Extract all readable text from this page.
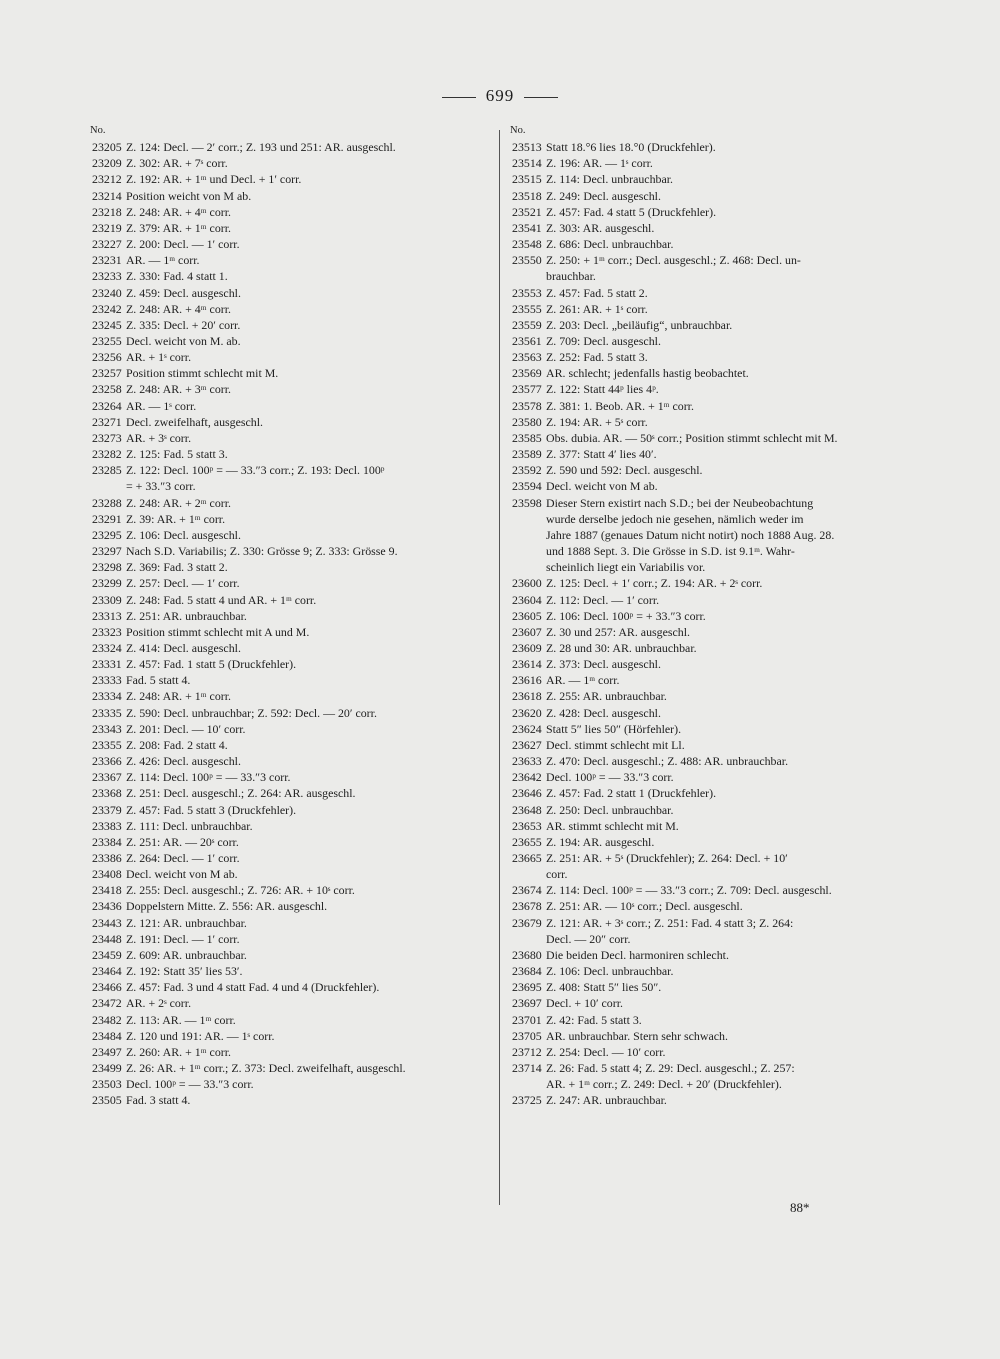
699
No.
23205 Z. 124: Decl. — 2′ corr.; Z. 193 und 251: AR. ausgeschl.
23209 Z. 302: AR. + 7ˢ corr.
23212 Z. 192: AR. + 1ᵐ und Decl. + 1′ corr.
23214 Position weicht von M ab.
23218 Z. 248: AR. + 4ᵐ corr.
23219 Z. 379: AR. + 1ᵐ corr.
23227 Z. 200: Decl. — 1′ corr.
23231 AR. — 1ᵐ corr.
23233 Z. 330: Fad. 4 statt 1.
23240 Z. 459: Decl. ausgeschl.
23242 Z. 248: AR. + 4ᵐ corr.
23245 Z. 335: Decl. + 20′ corr.
23255 Decl. weicht von M. ab.
23256 AR. + 1ˢ corr.
23257 Position stimmt schlecht mit M.
23258 Z. 248: AR. + 3ᵐ corr.
23264 AR. — 1ˢ corr.
23271 Decl. zweifelhaft, ausgeschl.
23273 AR. + 3ˢ corr.
23282 Z. 125: Fad. 5 statt 3.
23285 Z. 122: Decl. 100ᵖ = — 33.″3 corr.; Z. 193: Decl. 100ᵖ
= + 33.″3 corr.
23288 Z. 248: AR. + 2ᵐ corr.
23291 Z. 39: AR. + 1ᵐ corr.
23295 Z. 106: Decl. ausgeschl.
23297 Nach S.D. Variabilis; Z. 330: Grösse 9; Z. 333: Grösse 9.
23298 Z. 369: Fad. 3 statt 2.
23299 Z. 257: Decl. — 1′ corr.
23309 Z. 248: Fad. 5 statt 4 und AR. + 1ᵐ corr.
23313 Z. 251: AR. unbrauchbar.
23323 Position stimmt schlecht mit A und M.
23324 Z. 414: Decl. ausgeschl.
23331 Z. 457: Fad. 1 statt 5 (Druckfehler).
23333 Fad. 5 statt 4.
23334 Z. 248: AR. + 1ᵐ corr.
23335 Z. 590: Decl. unbrauchbar; Z. 592: Decl. — 20′ corr.
23343 Z. 201: Decl. — 10′ corr.
23355 Z. 208: Fad. 2 statt 4.
23366 Z. 426: Decl. ausgeschl.
23367 Z. 114: Decl. 100ᵖ = — 33.″3 corr.
23368 Z. 251: Decl. ausgeschl.; Z. 264: AR. ausgeschl.
23379 Z. 457: Fad. 5 statt 3 (Druckfehler).
23383 Z. 111: Decl. unbrauchbar.
23384 Z. 251: AR. — 20ˢ corr.
23386 Z. 264: Decl. — 1′ corr.
23408 Decl. weicht von M ab.
23418 Z. 255: Decl. ausgeschl.; Z. 726: AR. + 10ˢ corr.
23436 Doppelstern Mitte. Z. 556: AR. ausgeschl.
23443 Z. 121: AR. unbrauchbar.
23448 Z. 191: Decl. — 1′ corr.
23459 Z. 609: AR. unbrauchbar.
23464 Z. 192: Statt 35′ lies 53′.
23466 Z. 457: Fad. 3 und 4 statt Fad. 4 und 4 (Druckfehler).
23472 AR. + 2ˢ corr.
23482 Z. 113: AR. — 1ᵐ corr.
23484 Z. 120 und 191: AR. — 1ˢ corr.
23497 Z. 260: AR. + 1ᵐ corr.
23499 Z. 26: AR. + 1ᵐ corr.; Z. 373: Decl. zweifelhaft, ausgeschl.
23503 Decl. 100ᵖ = — 33.″3 corr.
23505 Fad. 3 statt 4.
No.
23513 Statt 18.°6 lies 18.°0 (Druckfehler).
23514 Z. 196: AR. — 1ˢ corr.
23515 Z. 114: Decl. unbrauchbar.
23518 Z. 249: Decl. ausgeschl.
23521 Z. 457: Fad. 4 statt 5 (Druckfehler).
23541 Z. 303: AR. ausgeschl.
23548 Z. 686: Decl. unbrauchbar.
23550 Z. 250: + 1ᵐ corr.; Decl. ausgeschl.; Z. 468: Decl. un-
brauchbar.
23553 Z. 457: Fad. 5 statt 2.
23555 Z. 261: AR. + 1ˢ corr.
23559 Z. 203: Decl. „beiläufig“, unbrauchbar.
23561 Z. 709: Decl. ausgeschl.
23563 Z. 252: Fad. 5 statt 3.
23569 AR. schlecht; jedenfalls hastig beobachtet.
23577 Z. 122: Statt 44ᵖ lies 4ᵖ.
23578 Z. 381: 1. Beob. AR. + 1ᵐ corr.
23580 Z. 194: AR. + 5ˢ corr.
23585 Obs. dubia. AR. — 50ˢ corr.; Position stimmt schlecht mit M.
23589 Z. 377: Statt 4′ lies 40′.
23592 Z. 590 und 592: Decl. ausgeschl.
23594 Decl. weicht von M ab.
23598 Dieser Stern existirt nach S.D.; bei der Neubeobachtung
wurde derselbe jedoch nie gesehen, nämlich weder im
Jahre 1887 (genaues Datum nicht notirt) noch 1888 Aug. 28.
und 1888 Sept. 3. Die Grösse in S.D. ist 9.1ᵐ. Wahr-
scheinlich liegt ein Variabilis vor.
23600 Z. 125: Decl. + 1′ corr.; Z. 194: AR. + 2ˢ corr.
23604 Z. 112: Decl. — 1′ corr.
23605 Z. 106: Decl. 100ᵖ = + 33.″3 corr.
23607 Z. 30 und 257: AR. ausgeschl.
23609 Z. 28 und 30: AR. unbrauchbar.
23614 Z. 373: Decl. ausgeschl.
23616 AR. — 1ᵐ corr.
23618 Z. 255: AR. unbrauchbar.
23620 Z. 428: Decl. ausgeschl.
23624 Statt 5″ lies 50″ (Hörfehler).
23627 Decl. stimmt schlecht mit Ll.
23633 Z. 470: Decl. ausgeschl.; Z. 488: AR. unbrauchbar.
23642 Decl. 100ᵖ = — 33.″3 corr.
23646 Z. 457: Fad. 2 statt 1 (Druckfehler).
23648 Z. 250: Decl. unbrauchbar.
23653 AR. stimmt schlecht mit M.
23655 Z. 194: AR. ausgeschl.
23665 Z. 251: AR. + 5ˢ (Druckfehler); Z. 264: Decl. + 10′
corr.
23674 Z. 114: Decl. 100ᵖ = — 33.″3 corr.; Z. 709: Decl. ausgeschl.
23678 Z. 251: AR. — 10ˢ corr.; Decl. ausgeschl.
23679 Z. 121: AR. + 3ˢ corr.; Z. 251: Fad. 4 statt 3; Z. 264:
Decl. — 20″ corr.
23680 Die beiden Decl. harmoniren schlecht.
23684 Z. 106: Decl. unbrauchbar.
23695 Z. 408: Statt 5″ lies 50″.
23697 Decl. + 10′ corr.
23701 Z. 42: Fad. 5 statt 3.
23705 AR. unbrauchbar. Stern sehr schwach.
23712 Z. 254: Decl. — 10′ corr.
23714 Z. 26: Fad. 5 statt 4; Z. 29: Decl. ausgeschl.; Z. 257:
AR. + 1ᵐ corr.; Z. 249: Decl. + 20′ (Druckfehler).
23725 Z. 247: AR. unbrauchbar.
88*
